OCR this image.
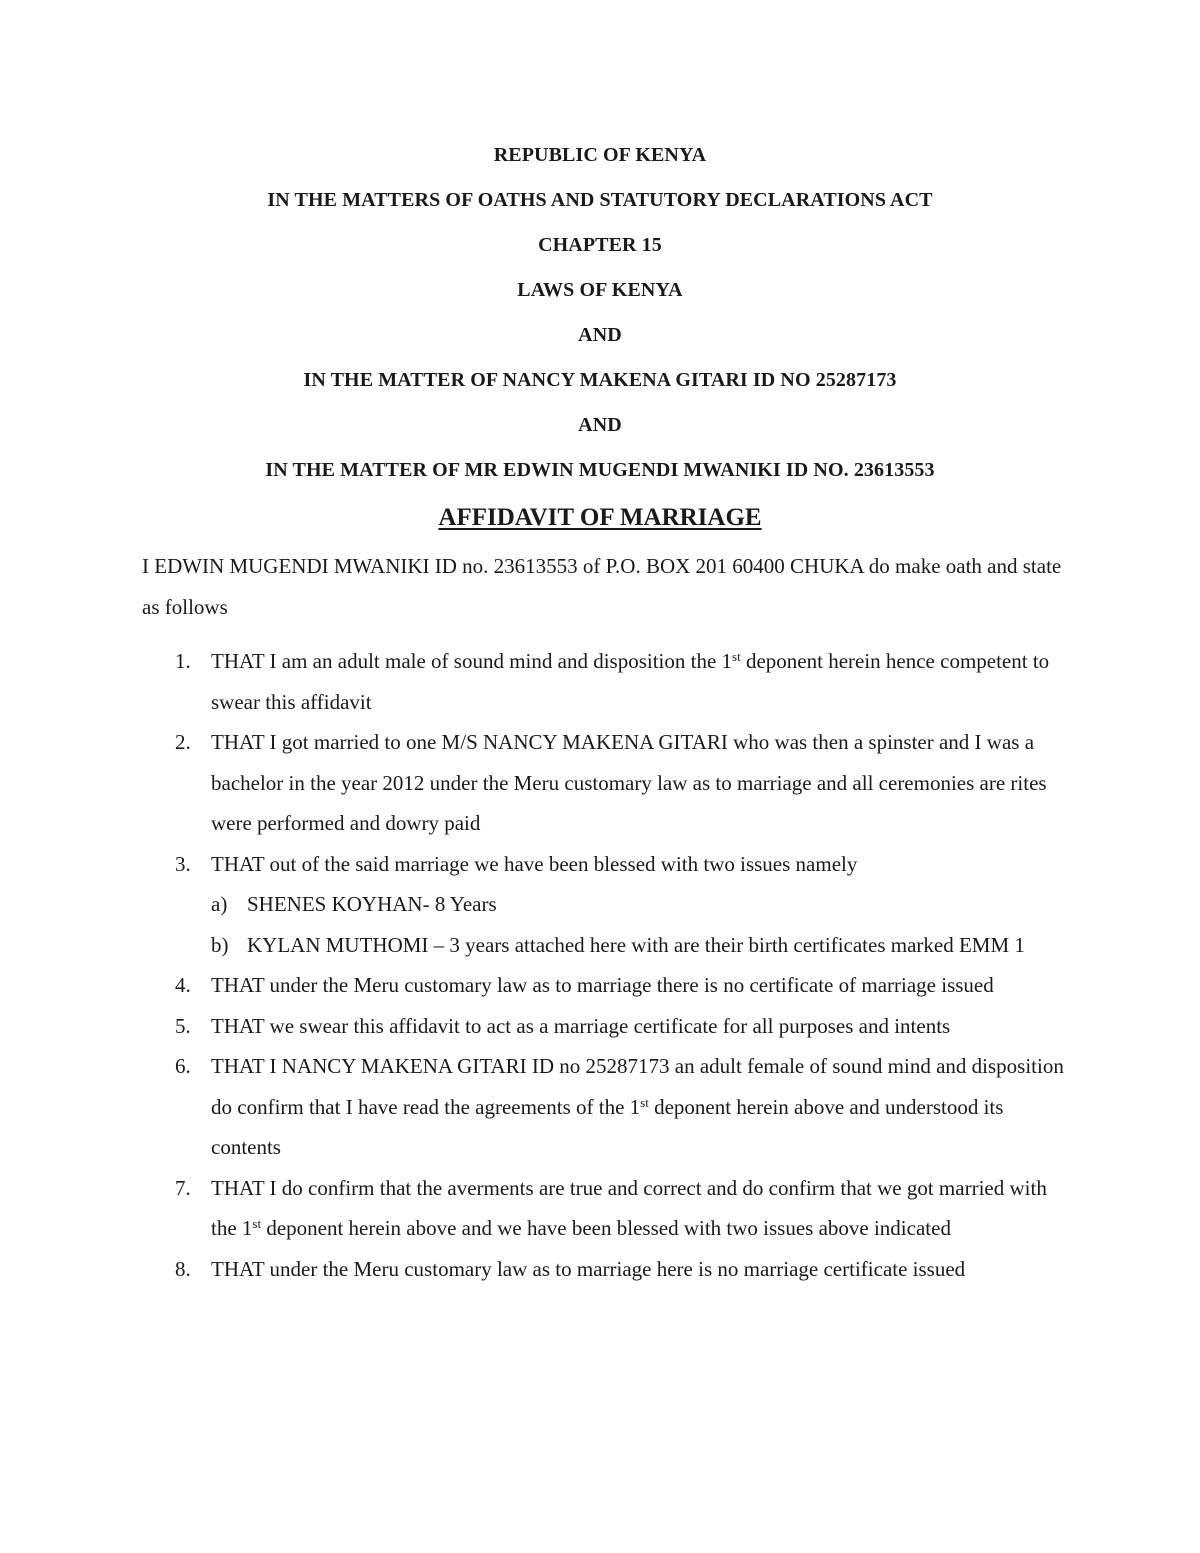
REPUBLIC OF KENYA
IN THE MATTERS OF OATHS AND STATUTORY DECLARATIONS ACT
CHAPTER 15
LAWS OF KENYA
AND
IN THE MATTER OF NANCY MAKENA GITARI ID NO 25287173
AND
IN THE MATTER OF MR EDWIN MUGENDI MWANIKI ID NO. 23613553
AFFIDAVIT OF MARRIAGE

I EDWIN MUGENDI MWANIKI ID no. 23613553 of P.O. BOX 201 60400 CHUKA do make oath and state as follows

1. THAT I am an adult male of sound mind and disposition the 1st deponent herein hence competent to swear this affidavit
2. THAT I got married to one M/S NANCY MAKENA GITARI who was then a spinster and I was a bachelor in the year 2012 under the Meru customary law as to marriage and all ceremonies are rites were performed and dowry paid
3. THAT out of the said marriage we have been blessed with two issues namely
a) SHENES KOYHAN- 8 Years
b) KYLAN MUTHOMI – 3 years attached here with are their birth certificates marked EMM 1
4. THAT under the Meru customary law as to marriage there is no certificate of marriage issued
5. THAT we swear this affidavit to act as a marriage certificate for all purposes and intents
6. THAT I NANCY MAKENA GITARI ID no 25287173 an adult female of sound mind and disposition do confirm that I have read the agreements of the 1st deponent herein above and understood its contents
7. THAT I do confirm that the averments are true and correct and do confirm that we got married with the 1st deponent herein above and we have been blessed with two issues above indicated
8. THAT under the Meru customary law as to marriage here is no marriage certificate issued
